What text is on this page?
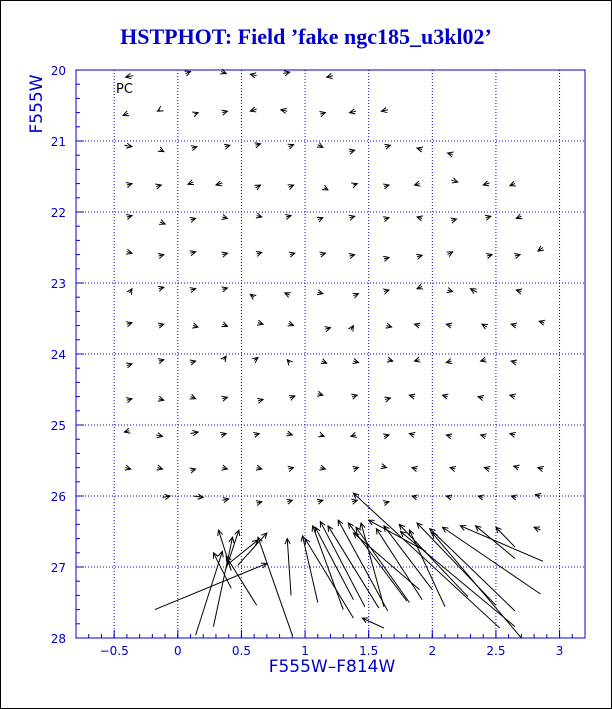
HSTPHOT: Field ’fake ngc185_u3kl02’
−0.5	0	0.5	1	1.5	2	2.5	3
20
21
22
23
24
25
26
27
28
F555W–F814W
F555W	PC
